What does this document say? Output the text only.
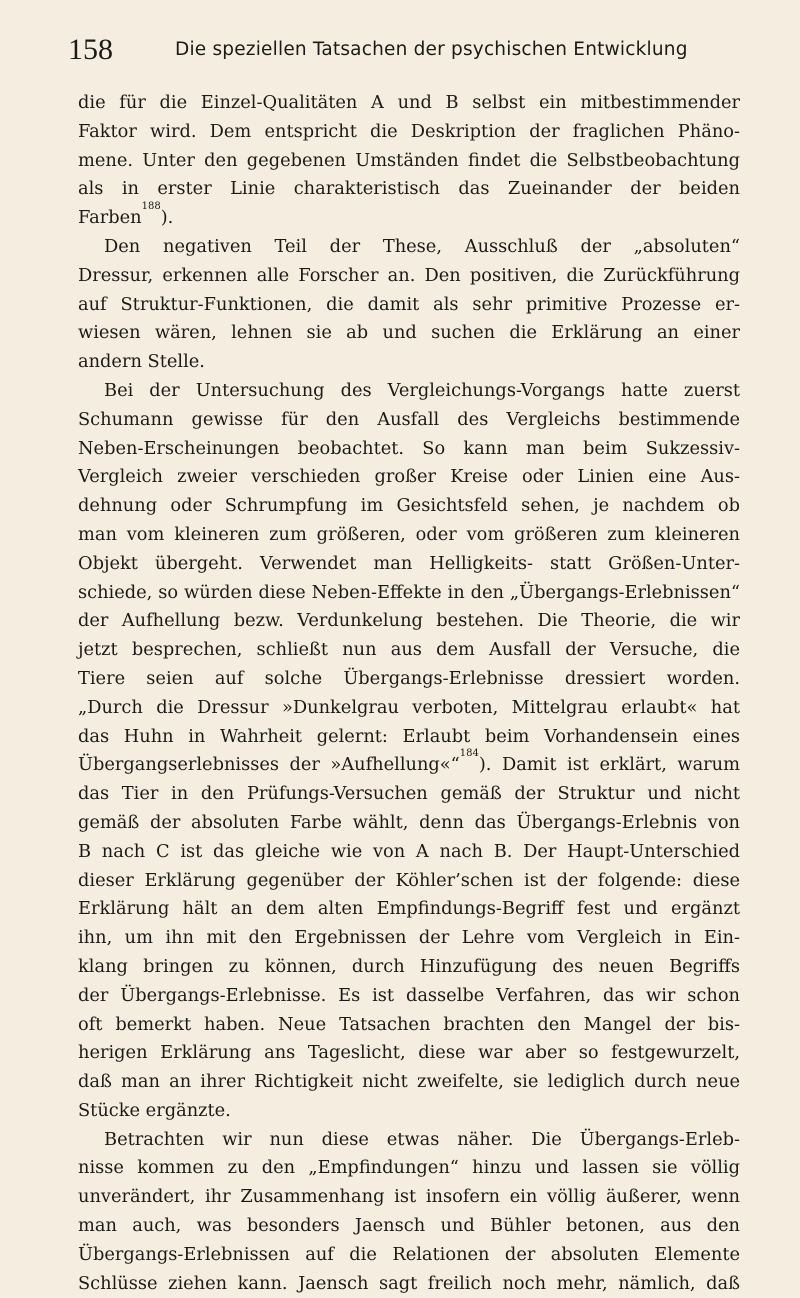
158	Die speziellen Tatsachen der psychischen Entwicklung
die für die Einzel-Qualitäten A und B selbst ein mitbestimmender
Faktor wird. Dem entspricht die Deskription der fraglichen Phäno-
mene. Unter den gegebenen Umständen findet die Selbstbeobachtung
als in erster Linie charakteristisch das Zueinander der beiden
Farben$^{188}$).
Den negativen Teil der These, Ausschluß der „absoluten“
Dressur, erkennen alle Forscher an. Den positiven, die Zurückführung
auf Struktur-Funktionen, die damit als sehr primitive Prozesse er-
wiesen wären, lehnen sie ab und suchen die Erklärung an einer
andern Stelle.
Bei der Untersuchung des Vergleichungs-Vorgangs hatte zuerst
Schumann gewisse für den Ausfall des Vergleichs bestimmende
Neben-Erscheinungen beobachtet. So kann man beim Sukzessiv-
Vergleich zweier verschieden großer Kreise oder Linien eine Aus-
dehnung oder Schrumpfung im Gesichtsfeld sehen, je nachdem ob
man vom kleineren zum größeren, oder vom größeren zum kleineren
Objekt übergeht. Verwendet man Helligkeits- statt Größen-Unter-
schiede, so würden diese Neben-Effekte in den „Übergangs-Erlebnissen“
der Aufhellung bezw. Verdunkelung bestehen. Die Theorie, die wir
jetzt besprechen, schließt nun aus dem Ausfall der Versuche, die
Tiere seien auf solche Übergangs-Erlebnisse dressiert worden.
„Durch die Dressur »Dunkelgrau verboten, Mittelgrau erlaubt« hat
das Huhn in Wahrheit gelernt: Erlaubt beim Vorhandensein eines
Übergangserlebnisses der »Aufhellung«“$^{184}$). Damit ist erklärt, warum
das Tier in den Prüfungs-Versuchen gemäß der Struktur und nicht
gemäß der absoluten Farbe wählt, denn das Übergangs-Erlebnis von
B nach C ist das gleiche wie von A nach B. Der Haupt-Unterschied
dieser Erklärung gegenüber der Köhler’schen ist der folgende: diese
Erklärung hält an dem alten Empfindungs-Begriff fest und ergänzt
ihn, um ihn mit den Ergebnissen der Lehre vom Vergleich in Ein-
klang bringen zu können, durch Hinzufügung des neuen Begriffs
der Übergangs-Erlebnisse. Es ist dasselbe Verfahren, das wir schon
oft bemerkt haben. Neue Tatsachen brachten den Mangel der bis-
herigen Erklärung ans Tageslicht, diese war aber so festgewurzelt,
daß man an ihrer Richtigkeit nicht zweifelte, sie lediglich durch neue
Stücke ergänzte.
Betrachten wir nun diese etwas näher. Die Übergangs-Erleb-
nisse kommen zu den „Empfindungen“ hinzu und lassen sie völlig
unverändert, ihr Zusammenhang ist insofern ein völlig äußerer, wenn
man auch, was besonders Jaensch und Bühler betonen, aus den
Übergangs-Erlebnissen auf die Relationen der absoluten Elemente
Schlüsse ziehen kann. Jaensch sagt freilich noch mehr, nämlich, daß
